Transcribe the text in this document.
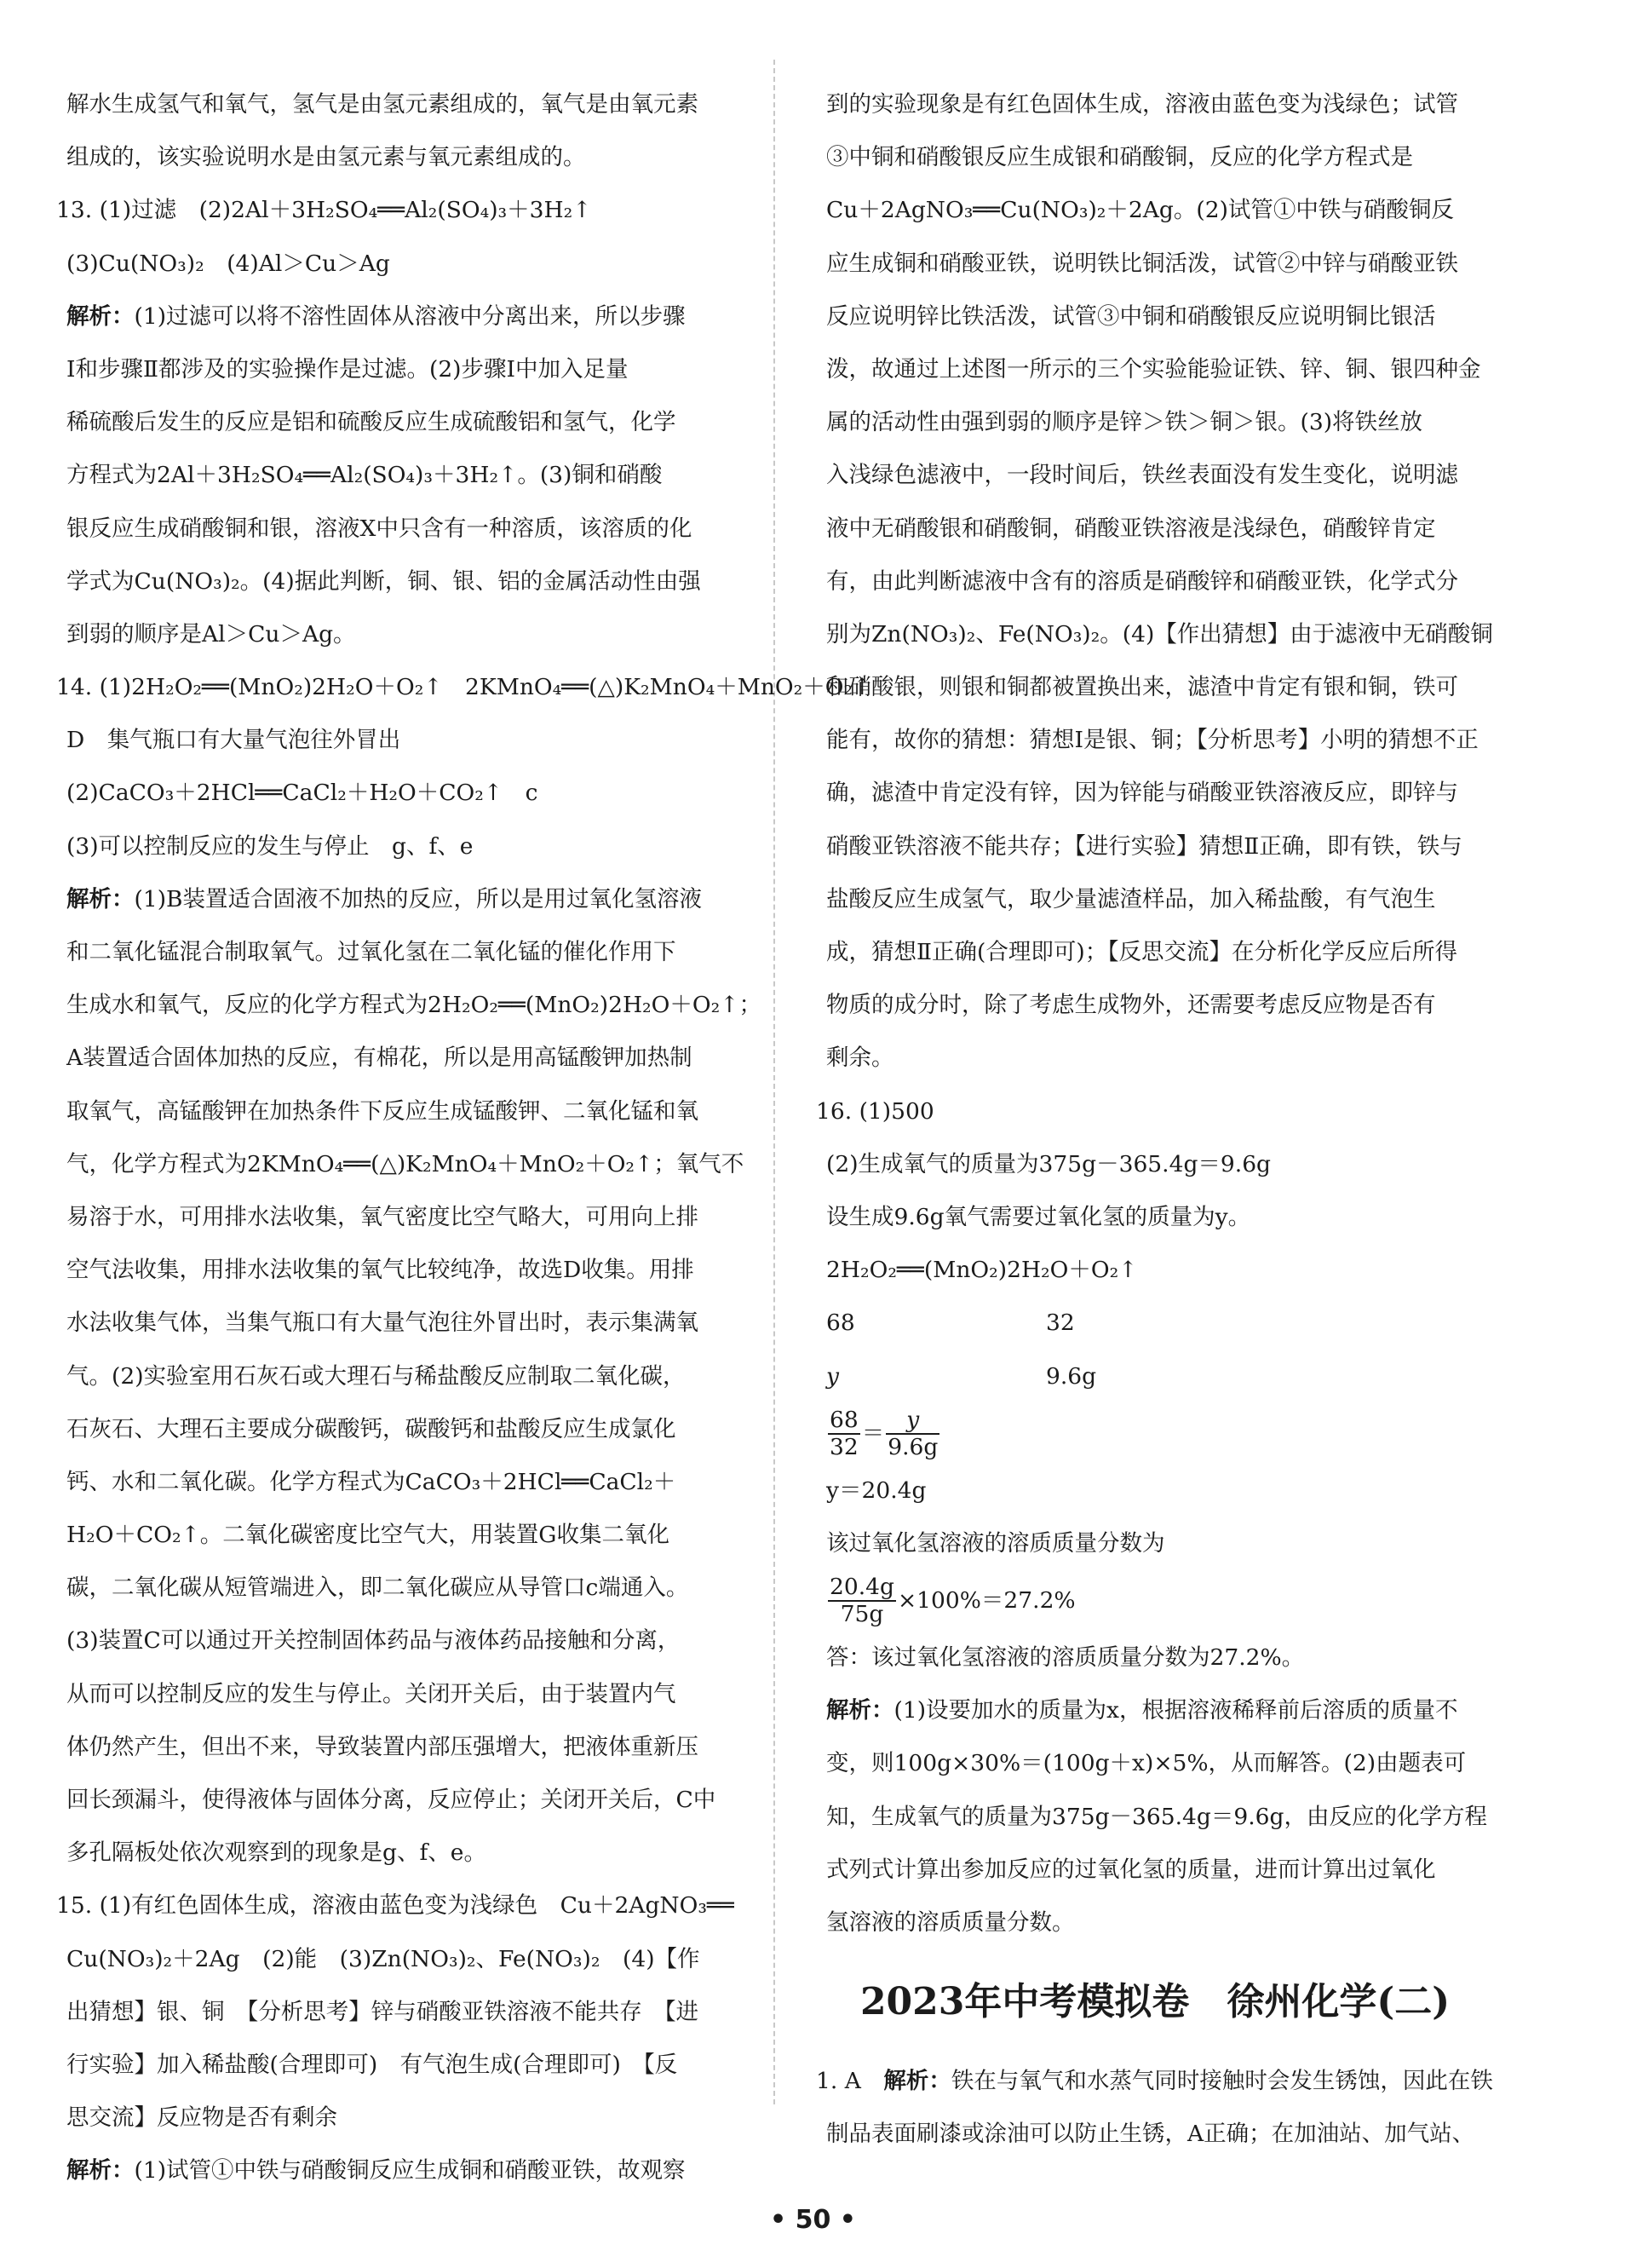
解水生成氢气和氧气，氢气是由氢元素组成的，氧气是由氧元素
组成的，该实验说明水是由氢元素与氧元素组成的。
13. (1)过滤　(2)2Al＋3H₂SO₄══Al₂(SO₄)₃＋3H₂↑
(3)Cu(NO₃)₂　(4)Al＞Cu＞Ag
解析：(1)过滤可以将不溶性固体从溶液中分离出来，所以步骤
Ⅰ和步骤Ⅱ都涉及的实验操作是过滤。(2)步骤Ⅰ中加入足量
稀硫酸后发生的反应是铝和硫酸反应生成硫酸铝和氢气，化学
方程式为2Al＋3H₂SO₄══Al₂(SO₄)₃＋3H₂↑。(3)铜和硝酸
银反应生成硝酸铜和银，溶液X中只含有一种溶质，该溶质的化
学式为Cu(NO₃)₂。(4)据此判断，铜、银、铝的金属活动性由强
到弱的顺序是Al＞Cu＞Ag。
14. (1)2H₂O₂══(MnO₂)2H₂O＋O₂↑　2KMnO₄══(△)K₂MnO₄＋MnO₂＋O₂↑
D　集气瓶口有大量气泡往外冒出
(2)CaCO₃＋2HCl══CaCl₂＋H₂O＋CO₂↑　c
(3)可以控制反应的发生与停止　g、f、e
解析：(1)B装置适合固液不加热的反应，所以是用过氧化氢溶液
和二氧化锰混合制取氧气。过氧化氢在二氧化锰的催化作用下
生成水和氧气，反应的化学方程式为2H₂O₂══(MnO₂)2H₂O＋O₂↑；
A装置适合固体加热的反应，有棉花，所以是用高锰酸钾加热制
取氧气，高锰酸钾在加热条件下反应生成锰酸钾、二氧化锰和氧
气，化学方程式为2KMnO₄══(△)K₂MnO₄＋MnO₂＋O₂↑；氧气不
易溶于水，可用排水法收集，氧气密度比空气略大，可用向上排
空气法收集，用排水法收集的氧气比较纯净，故选D收集。用排
水法收集气体，当集气瓶口有大量气泡往外冒出时，表示集满氧
气。(2)实验室用石灰石或大理石与稀盐酸反应制取二氧化碳，
石灰石、大理石主要成分碳酸钙，碳酸钙和盐酸反应生成氯化
钙、水和二氧化碳。化学方程式为CaCO₃＋2HCl══CaCl₂＋
H₂O＋CO₂↑。二氧化碳密度比空气大，用装置G收集二氧化
碳，二氧化碳从短管端进入，即二氧化碳应从导管口c端通入。
(3)装置C可以通过开关控制固体药品与液体药品接触和分离，
从而可以控制反应的发生与停止。关闭开关后，由于装置内气
体仍然产生，但出不来，导致装置内部压强增大，把液体重新压
回长颈漏斗，使得液体与固体分离，反应停止；关闭开关后，C中
多孔隔板处依次观察到的现象是g、f、e。
15. (1)有红色固体生成，溶液由蓝色变为浅绿色　Cu＋2AgNO₃══
Cu(NO₃)₂＋2Ag　(2)能　(3)Zn(NO₃)₂、Fe(NO₃)₂　(4)【作
出猜想】银、铜　【分析思考】锌与硝酸亚铁溶液不能共存　【进
行实验】加入稀盐酸(合理即可)　有气泡生成(合理即可)　【反
思交流】反应物是否有剩余
解析：(1)试管①中铁与硝酸铜反应生成铜和硝酸亚铁，故观察
到的实验现象是有红色固体生成，溶液由蓝色变为浅绿色；试管
③中铜和硝酸银反应生成银和硝酸铜，反应的化学方程式是
Cu＋2AgNO₃══Cu(NO₃)₂＋2Ag。(2)试管①中铁与硝酸铜反
应生成铜和硝酸亚铁，说明铁比铜活泼，试管②中锌与硝酸亚铁
反应说明锌比铁活泼，试管③中铜和硝酸银反应说明铜比银活
泼，故通过上述图一所示的三个实验能验证铁、锌、铜、银四种金
属的活动性由强到弱的顺序是锌＞铁＞铜＞银。(3)将铁丝放
入浅绿色滤液中，一段时间后，铁丝表面没有发生变化，说明滤
液中无硝酸银和硝酸铜，硝酸亚铁溶液是浅绿色，硝酸锌肯定
有，由此判断滤液中含有的溶质是硝酸锌和硝酸亚铁，化学式分
别为Zn(NO₃)₂、Fe(NO₃)₂。(4)【作出猜想】由于滤液中无硝酸铜
和硝酸银，则银和铜都被置换出来，滤渣中肯定有银和铜，铁可
能有，故你的猜想：猜想Ⅰ是银、铜；【分析思考】小明的猜想不正
确，滤渣中肯定没有锌，因为锌能与硝酸亚铁溶液反应，即锌与
硝酸亚铁溶液不能共存；【进行实验】猜想Ⅱ正确，即有铁，铁与
盐酸反应生成氢气，取少量滤渣样品，加入稀盐酸，有气泡生
成，猜想Ⅱ正确(合理即可)；【反思交流】在分析化学反应后所得
物质的成分时，除了考虑生成物外，还需要考虑反应物是否有
剩余。
16. (1)500
(2)生成氧气的质量为375g－365.4g＝9.6g
设生成9.6g氧气需要过氧化氢的质量为y。
2H₂O₂══(MnO₂)2H₂O＋O₂↑
68	32
y	9.6g
$\frac{68}{32} = \frac{y}{9.6g}$
y＝20.4g
该过氧化氢溶液的溶质质量分数为
$\frac{20.4g}{75g} \times 100\%=27.2\%$
答：该过氧化氢溶液的溶质质量分数为27.2%。
解析：(1)设要加水的质量为x，根据溶液稀释前后溶质的质量不
变，则100g×30%＝(100g＋x)×5%，从而解答。(2)由题表可
知，生成氧气的质量为375g－365.4g＝9.6g，由反应的化学方程
式列式计算出参加反应的过氧化氢的质量，进而计算出过氧化
氢溶液的溶质质量分数。
2023年中考模拟卷　徐州化学(二)
1. A　解析：铁在与氧气和水蒸气同时接触时会发生锈蚀，因此在铁
制品表面刷漆或涂油可以防止生锈，A正确；在加油站、加气站、
• 50 •
